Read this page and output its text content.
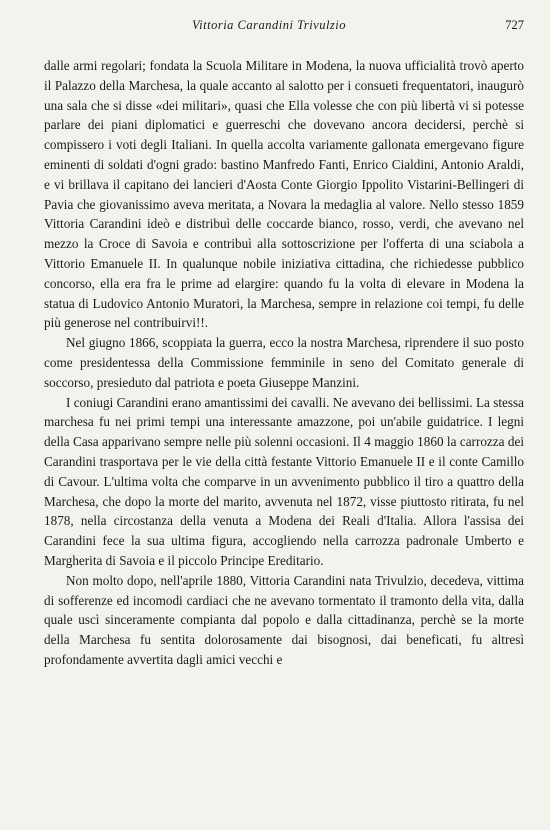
Vittoria Carandini Trivulzio	727

dalle armi regolari; fondata la Scuola Militare in Modena, la nuova ufficialità trovò aperto il Palazzo della Marchesa, la quale accanto al salotto per i consueti frequentatori, inaugurò una sala che si disse «dei militari», quasi che Ella volesse che con più libertà vi si potesse parlare dei piani diplomatici e guerreschi che dovevano ancora decidersi, perchè si compissero i voti degli Italiani. In quella accolta variamente gallonata emergevano figure eminenti di soldati d'ogni grado: bastino Manfredo Fanti, Enrico Cialdini, Antonio Araldi, e vi brillava il capitano dei lancieri d'Aosta Conte Giorgio Ippolito Vistarini-Bellingeri di Pavia che giovanissimo aveva meritata, a Novara la medaglia al valore. Nello stesso 1859 Vittoria Carandini ideò e distribuì delle coccarde bianco, rosso, verdi, che avevano nel mezzo la Croce di Savoia e contribuì alla sottoscrizione per l'offerta di una sciabola a Vittorio Emanuele II. In qualunque nobile iniziativa cittadina, che richiedesse pubblico concorso, ella era fra le prime ad elargire: quando fu la volta di elevare in Modena la statua di Ludovico Antonio Muratori, la Marchesa, sempre in relazione coi tempi, fu delle più generose nel contribuirvi!!.

Nel giugno 1866, scoppiata la guerra, ecco la nostra Marchesa, riprendere il suo posto come presidentessa della Commissione femminile in seno del Comitato generale di soccorso, presieduto dal patriota e poeta Giuseppe Manzini.

I coniugi Carandini erano amantissimi dei cavalli. Ne avevano dei bellissimi. La stessa marchesa fu nei primi tempi una interessante amazzone, poi un'abile guidatrice. I legni della Casa apparivano sempre nelle più solenni occasioni. Il 4 maggio 1860 la carrozza dei Carandini trasportava per le vie della città festante Vittorio Emanuele II e il conte Camillo di Cavour. L'ultima volta che comparve in un avvenimento pubblico il tiro a quattro della Marchesa, che dopo la morte del marito, avvenuta nel 1872, visse piuttosto ritirata, fu nel 1878, nella circostanza della venuta a Modena dei Reali d'Italia. Allora l'assisa dei Carandini fece la sua ultima figura, accogliendo nella carrozza padronale Umberto e Margherita di Savoia e il piccolo Principe Ereditario.

Non molto dopo, nell'aprile 1880, Vittoria Carandini nata Trivulzio, decedeva, vittima di sofferenze ed incomodi cardiaci che ne avevano tormentato il tramonto della vita, dalla quale uscì sinceramente compianta dal popolo e dalla cittadinanza, perchè se la morte della Marchesa fu sentita dolorosamente dai bisognosi, dai beneficati, fu altresì profondamente avvertita dagli amici vecchi e
